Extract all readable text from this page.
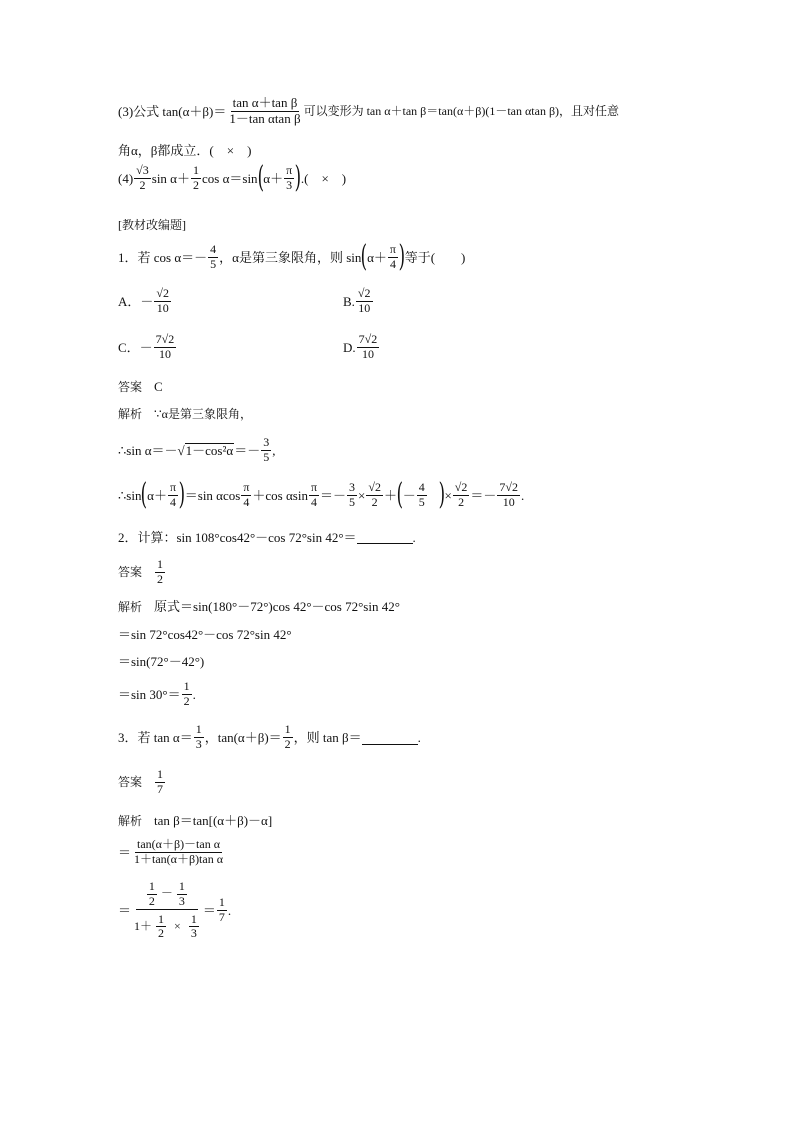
(3)公式 $\tan(\alpha+\beta)= \frac{\text{tan α＋tan β}}{\text{1－tan αtan β}}$ 可以变形为 tan α＋tan β＝tan(α＋β)(1－tan αtan β)，且对任意
角α，β都成立．(　×　)
$(4) \frac{√3}{2}$ $\sin \alpha+ \frac{1}{2}$ cos α＝sin ( $\alpha+ \frac{\pi}{3}$ ) .(　×　)
[教材改编题]
1．若 $\cos \alpha=- \frac{4}{5}$ ，α是第三象限角，则 sin ( $\alpha+ \frac{\pi}{4}$ ) 等于(　　)
A．－ $\frac{√2}{10}$	B. $\frac{√2}{10}$
C．－ $\frac{7√2}{10}$	D. $\frac{7√2}{10}$
答案 C
解析 ∵α是第三象限角，
∴sin α＝－ √ $1-\cos^2\alpha =- \frac{3}{5}$ ,
∴sin ( $\alpha+ \frac{\pi}{4}$ ) ＝sin αcos $\frac{\pi}{4} +\cos$ αsin $\frac{\pi}{4} =- \frac{3}{5} \times \frac{√2}{2}$ ＋ ( － $\frac{4}{5}$ ) × $\frac{√2}{2} =- \frac{7√2}{10}$ .
2．计算：sin 108°cos42°－cos 72°sin 42°＝	.
答案 $\frac{1}{2}$
解析 原式＝sin(180°－72°)cos 42°－cos 72°sin 42°
＝sin 72°cos42°－cos 72°sin 42°
＝sin(72°－42°)
＝sin $30^\circ= \frac{1}{2}$ .
3．若 $\tan \alpha= \frac{1}{3}$ ，$\tan(\alpha+\beta)= \frac{1}{2}$ ，则 tan β＝	.
答案 $\frac{1}{7}$
解析 tan β＝tan[(α＋β)－α]
＝ $\frac{\text{tan(α＋β)－tan α}}{\text{1＋tan(α＋β)tan α}}$
＝
$\frac{1}{2} - \frac{1}{3}$
$1+ \frac{1}{2} \times \frac{1}{3}$
＝ $\frac{1}{7}$ .
